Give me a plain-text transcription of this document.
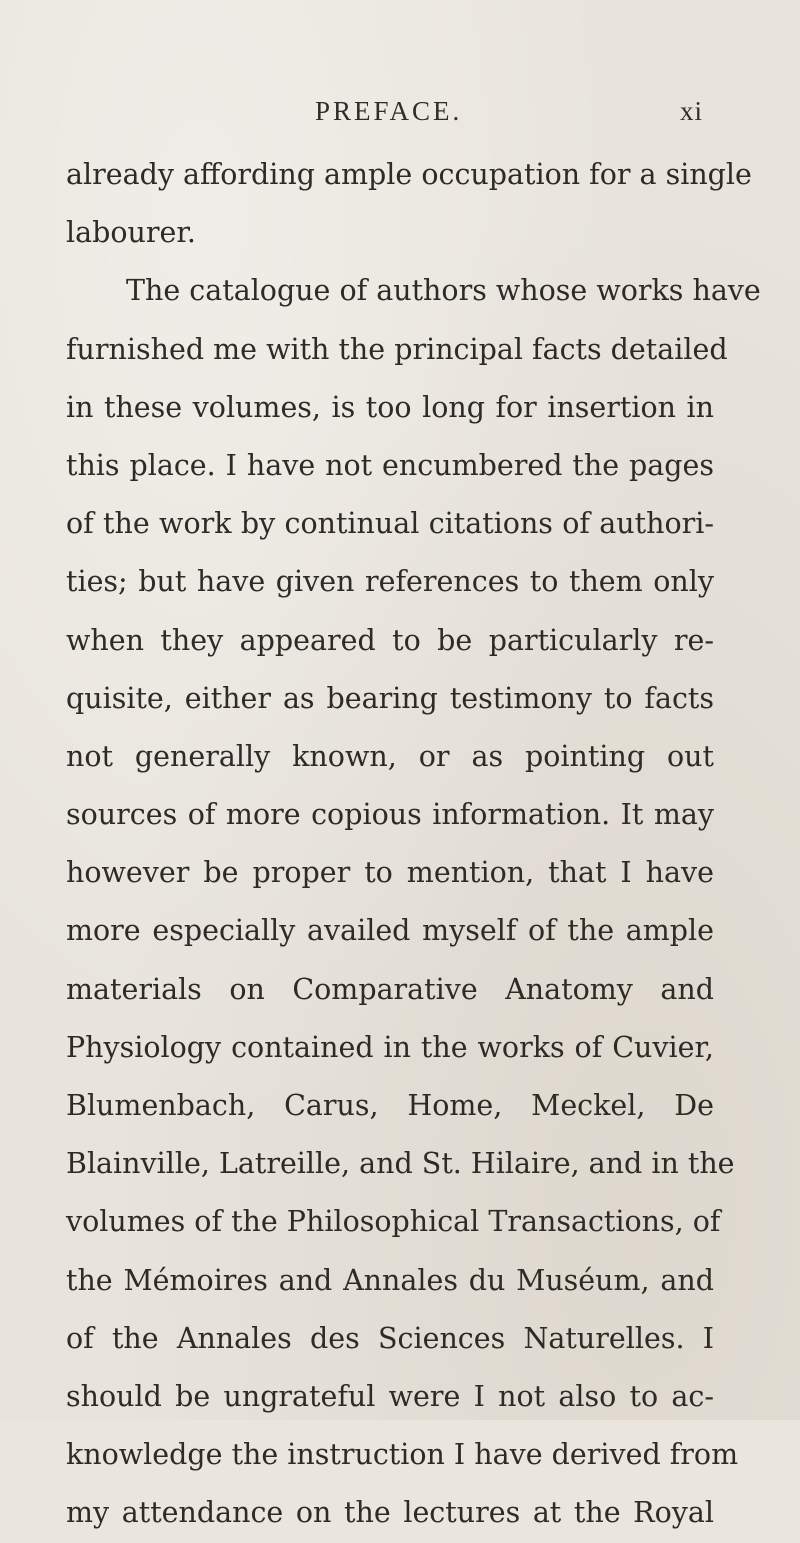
PREFACE.	xi
already affording ample occupation for a single
labourer.
The catalogue of authors whose works have
furnished me with the principal facts detailed
in these volumes, is too long for insertion in
this place. I have not encumbered the pages
of the work by continual citations of authori-
ties; but have given references to them only
when they appeared to be particularly re-
quisite, either as bearing testimony to facts
not generally known, or as pointing out
sources of more copious information. It may
however be proper to mention, that I have
more especially availed myself of the ample
materials on Comparative Anatomy and
Physiology contained in the works of Cuvier,
Blumenbach, Carus, Home, Meckel, De
Blainville, Latreille, and St. Hilaire, and in the
volumes of the Philosophical Transactions, of
the Mémoires and Annales du Muséum, and
of the Annales des Sciences Naturelles. I
should be ungrateful were I not also to ac-
knowledge the instruction I have derived from
my attendance on the lectures at the Royal
